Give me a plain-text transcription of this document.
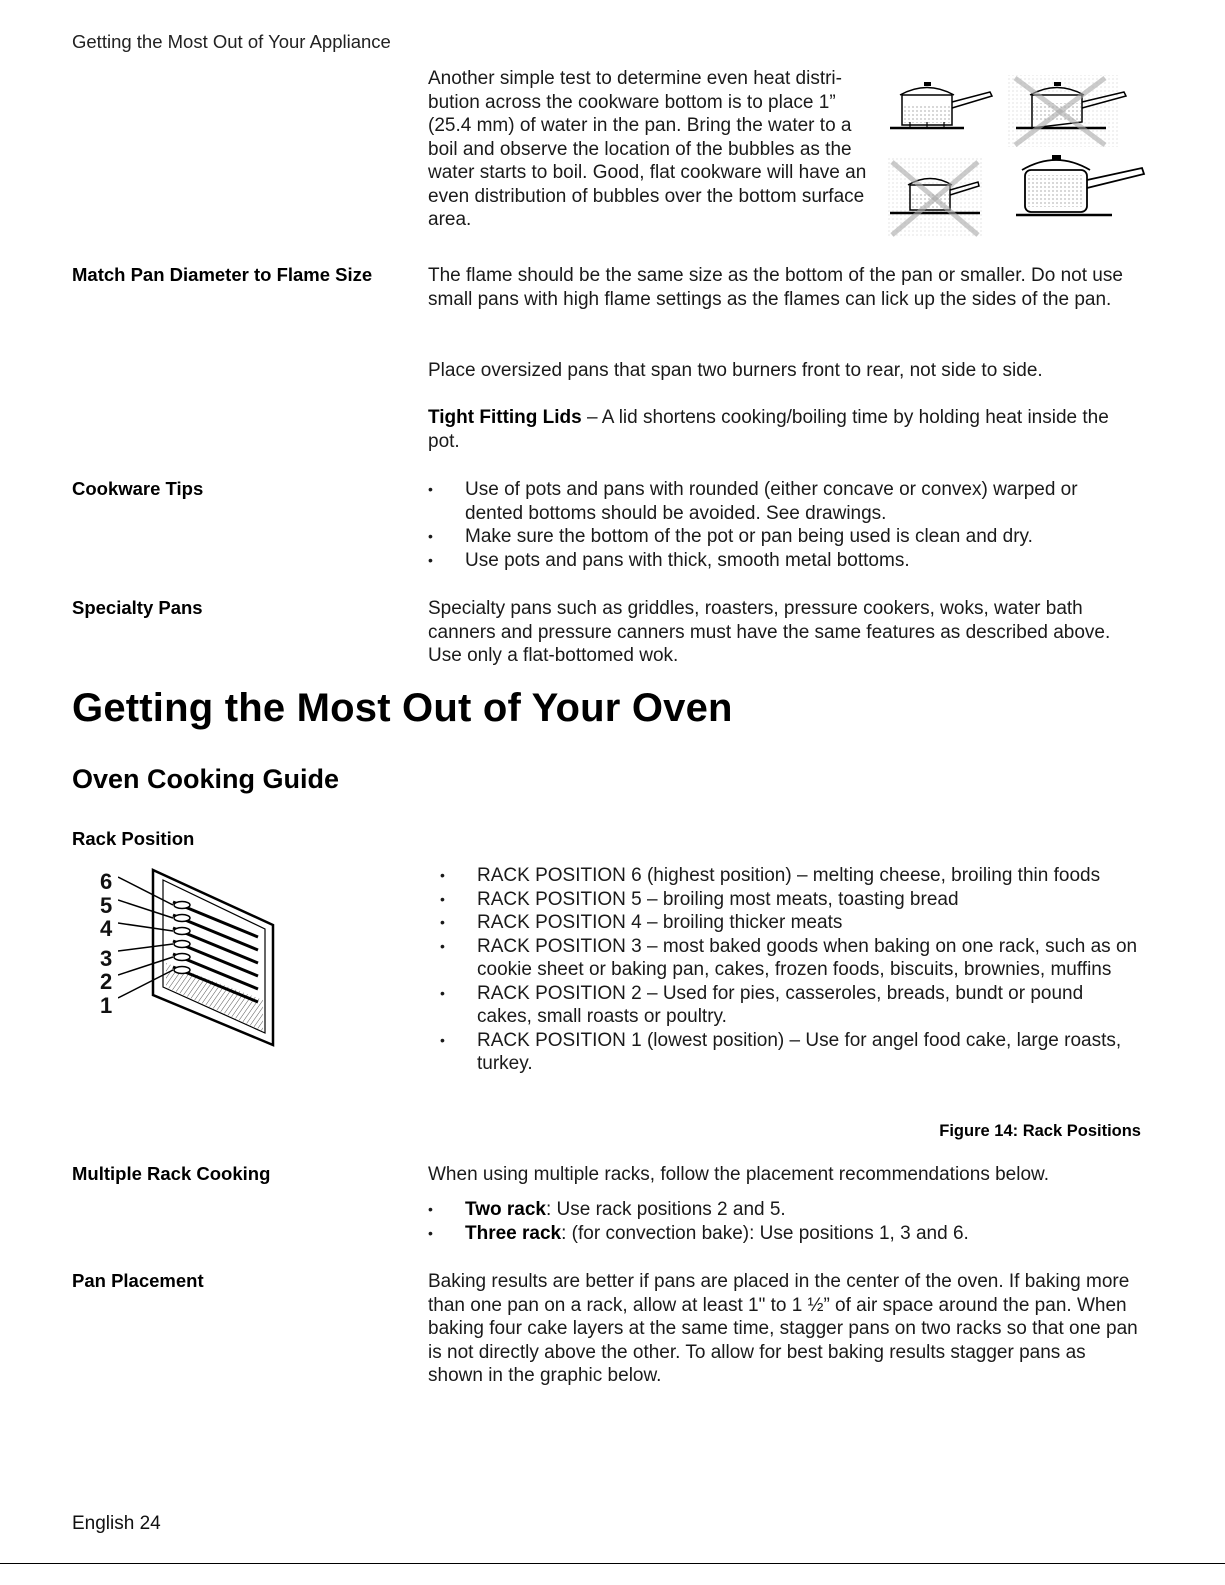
Getting the Most Out of Your Appliance
Another simple test to determine even heat distri- bution across the cookware bottom is to place 1” (25.4 mm) of water in the pan. Bring the water to a boil and observe the location of the bubbles as the water starts to boil. Good, flat cookware will have an even distribution of bubbles over the bottom surface area.
Match Pan Diameter to Flame Size	The flame should be the same size as the bottom of the pan or smaller. Do not use small pans with high flame settings as the flames can lick up the sides of the pan.
Place oversized pans that span two burners front to rear, not side to side.
Tight Fitting Lids – A lid shortens cooking/boiling time by holding heat inside the pot.
Cookware Tips
•	Use of pots and pans with rounded (either concave or convex) warped or dented bottoms should be avoided. See drawings.
• Make sure the bottom of the pot or pan being used is clean and dry.
• Use pots and pans with thick, smooth metal bottoms.
Specialty Pans	Specialty pans such as griddles, roasters, pressure cookers, woks, water bath canners and pressure canners must have the same features as described above. Use only a flat-bottomed wok.
Getting the Most Out of Your Oven
Oven Cooking Guide
Rack Position
6
5
4
3
2
1
• RACK POSITION 6 (highest position) – melting cheese, broiling thin foods
• RACK POSITION 5 – broiling most meats, toasting bread
• RACK POSITION 4 – broiling thicker meats
• RACK POSITION 3 – most baked goods when baking on one rack, such as on cookie sheet or baking pan, cakes, frozen foods, biscuits, brownies, muffins
• RACK POSITION 2 – Used for pies, casseroles, breads, bundt or pound cakes, small roasts or poultry.
• RACK POSITION 1 (lowest position) – Use for angel food cake, large roasts, turkey.
Figure 14: Rack Positions
Multiple Rack Cooking	When using multiple racks, follow the placement recommendations below.
• Two rack: Use rack positions 2 and 5.
• Three rack: (for convection bake): Use positions 1, 3 and 6.
Pan Placement	Baking results are better if pans are placed in the center of the oven. If baking more than one pan on a rack, allow at least 1" to 1 ½” of air space around the pan. When baking four cake layers at the same time, stagger pans on two racks so that one pan is not directly above the other. To allow for best baking results stagger pans as shown in the graphic below.
English 24
